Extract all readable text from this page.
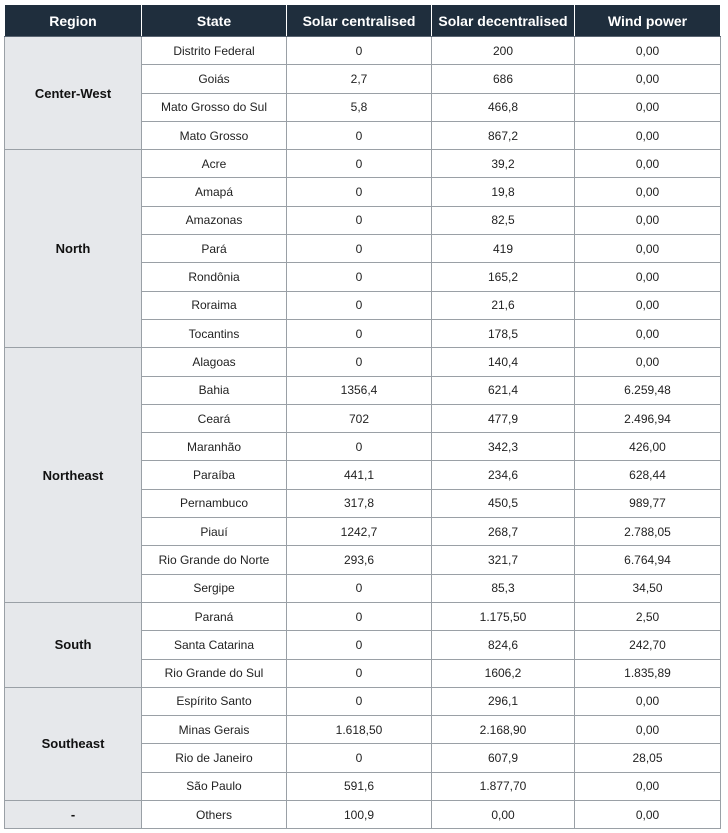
Region	State	Solar centralised	Solar decentralised	Wind power
Center-West	Distrito Federal	0	200	0,00
	Goiás	2,7	686	0,00
	Mato Grosso do Sul	5,8	466,8	0,00
	Mato Grosso	0	867,2	0,00
North	Acre	0	39,2	0,00
	Amapá	0	19,8	0,00
	Amazonas	0	82,5	0,00
	Pará	0	419	0,00
	Rondônia	0	165,2	0,00
	Roraima	0	21,6	0,00
	Tocantins	0	178,5	0,00
Northeast	Alagoas	0	140,4	0,00
	Bahia	1356,4	621,4	6.259,48
	Ceará	702	477,9	2.496,94
	Maranhão	0	342,3	426,00
	Paraíba	441,1	234,6	628,44
	Pernambuco	317,8	450,5	989,77
	Piauí	1242,7	268,7	2.788,05
	Rio Grande do Norte	293,6	321,7	6.764,94
	Sergipe	0	85,3	34,50
South	Paraná	0	1.175,50	2,50
	Santa Catarina	0	824,6	242,70
	Rio Grande do Sul	0	1606,2	1.835,89
Southeast	Espírito Santo	0	296,1	0,00
	Minas Gerais	1.618,50	2.168,90	0,00
	Rio de Janeiro	0	607,9	28,05
	São Paulo	591,6	1.877,70	0,00
-	Others	100,9	0,00	0,00
